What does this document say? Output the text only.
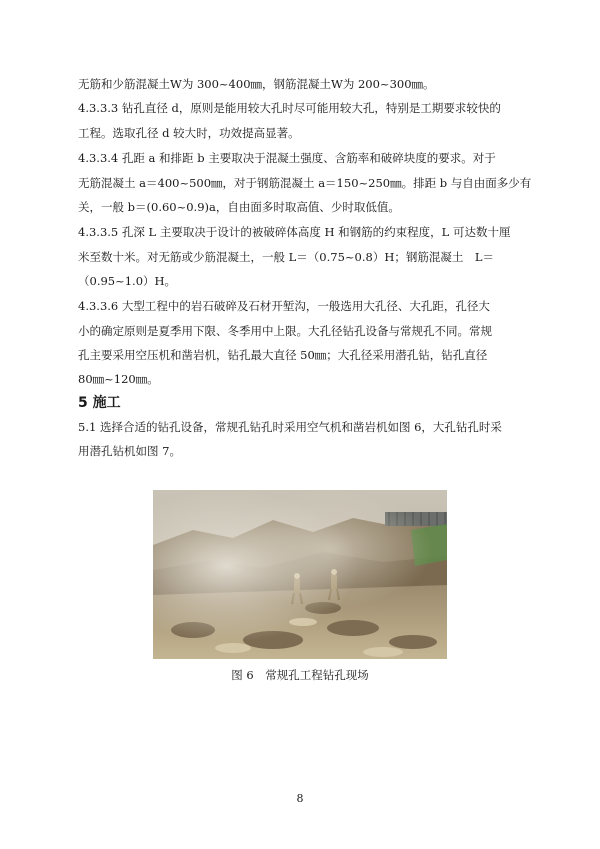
无筋和少筋混凝土W为 300~400㎜，钢筋混凝土W为 200~300㎜。
4.3.3.3 钻孔直径 d，原则是能用较大孔时尽可能用较大孔，特别是工期要求较快的
工程。选取孔径 d 较大时，功效提高显著。
4.3.3.4 孔距 a 和排距 b 主要取决于混凝土强度、含筋率和破碎块度的要求。对于
无筋混凝土 a＝400~500㎜，对于钢筋混凝土 a＝150~250㎜。排距 b 与自由面多少有
关，一般 b＝(0.60~0.9)a，自由面多时取高值、少时取低值。
4.3.3.5 孔深 L 主要取决于设计的被破碎体高度 H 和钢筋的约束程度，L 可达数十厘
米至数十米。对无筋或少筋混凝土，一般 L＝（0.75~0.8）H；钢筋混凝土　L＝
（0.95~1.0）H。
4.3.3.6 大型工程中的岩石破碎及石材开堑沟，一般选用大孔径、大孔距，孔径大
小的确定原则是夏季用下限、冬季用中上限。大孔径钻孔设备与常规孔不同。常规
孔主要采用空压机和凿岩机，钻孔最大直径 50㎜；大孔径采用潜孔钻，钻孔直径
80㎜~120㎜。
5 施工
5.1 选择合适的钻孔设备，常规孔钻孔时采用空气机和凿岩机如图 6，大孔钻孔时采
用潜孔钻机如图 7。
图 6　常规孔工程钻孔现场
8
